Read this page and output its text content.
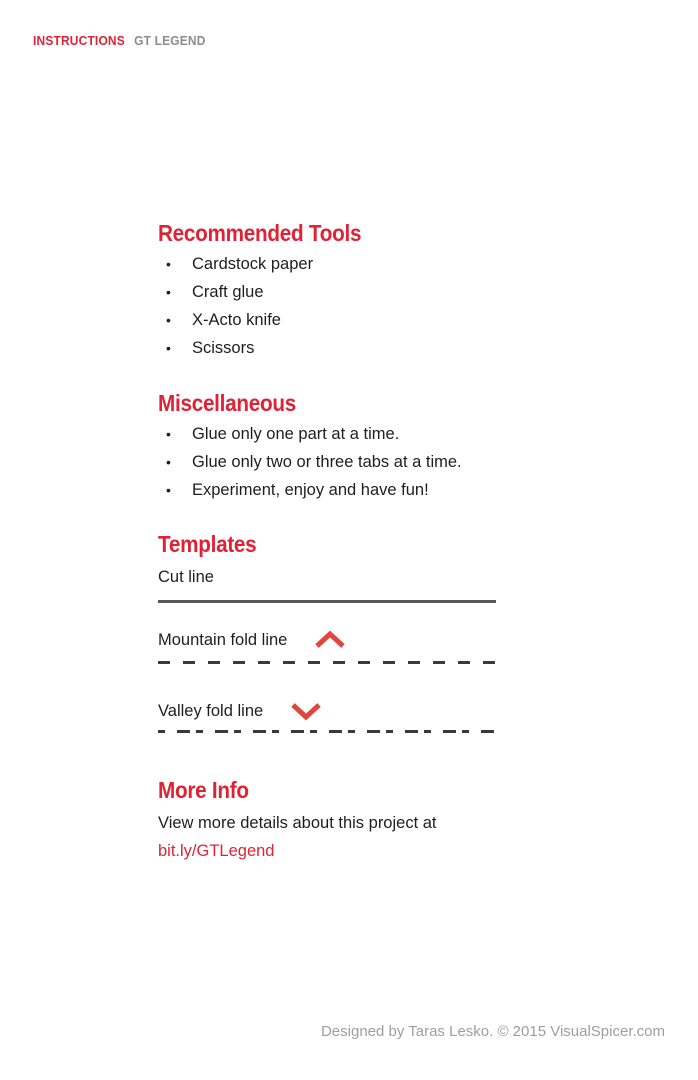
INSTRUCTIONS GT LEGEND
Recommended Tools
•	Cardstock paper
•	Craft glue
•	X-Acto knife
•	Scissors
Miscellaneous
•	Glue only one part at a time.
•	Glue only two or three tabs at a time.
•	Experiment, enjoy and have fun!
Templates
Cut line
Mountain fold line
Valley fold line
More Info
View more details about this project at
bit.ly/GTLegend
Designed by Taras Lesko. © 2015 VisualSpicer.com
